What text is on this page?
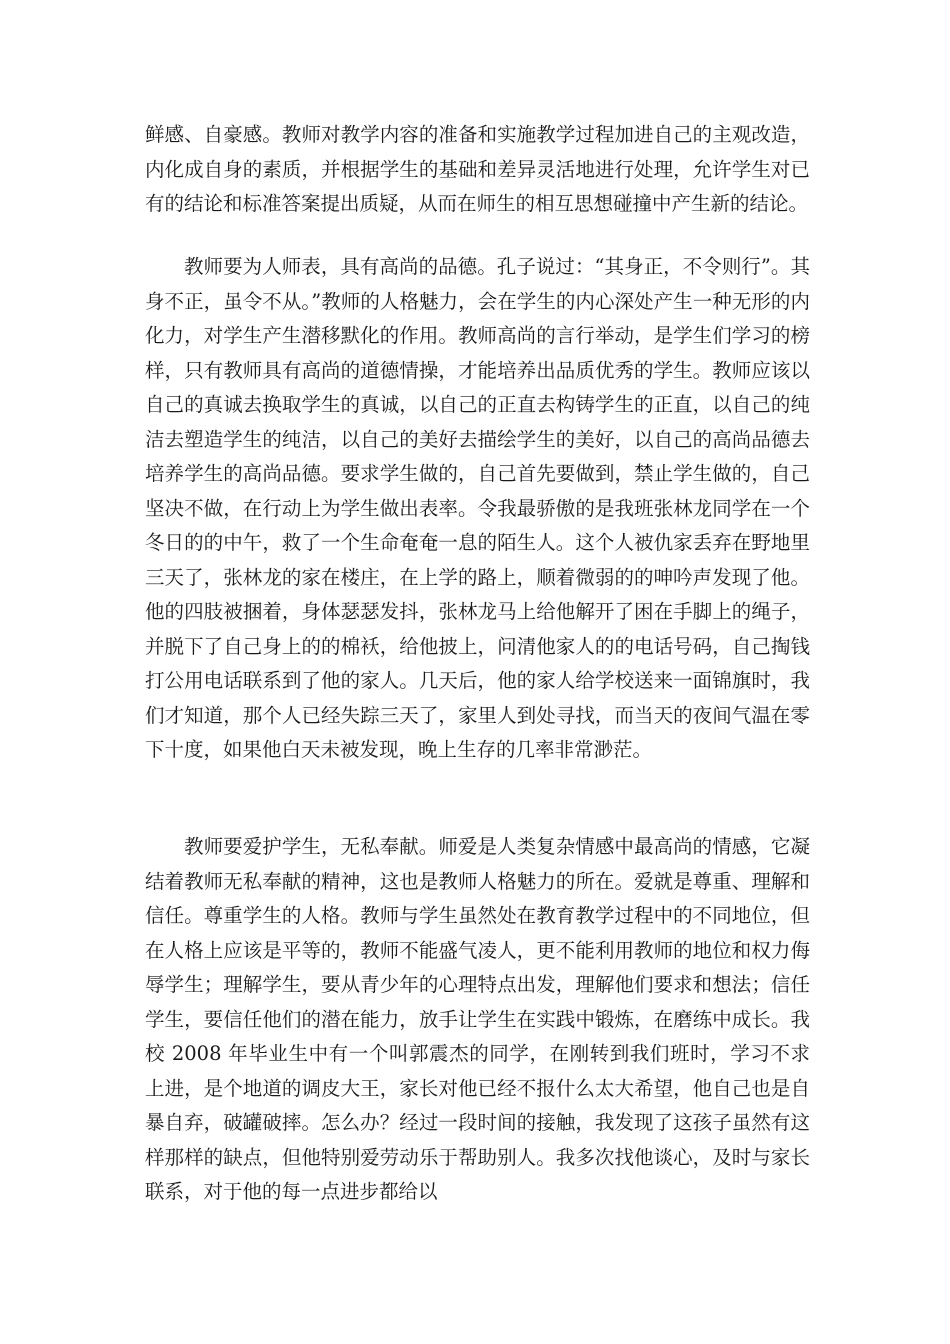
鲜感、自豪感。教师对教学内容的准备和实施教学过程加进自己的主观改造，内化成自身的素质，并根据学生的基础和差异灵活地进行处理，允许学生对已有的结论和标准答案提出质疑，从而在师生的相互思想碰撞中产生新的结论。

教师要为人师表，具有高尚的品德。孔子说过：“其身正，不令则行”。其身不正，虽令不从。”教师的人格魅力，会在学生的内心深处产生一种无形的内化力，对学生产生潜移默化的作用。教师高尚的言行举动，是学生们学习的榜样，只有教师具有高尚的道德情操，才能培养出品质优秀的学生。教师应该以自己的真诚去换取学生的真诚，以自己的正直去构铸学生的正直，以自己的纯洁去塑造学生的纯洁，以自己的美好去描绘学生的美好，以自己的高尚品德去培养学生的高尚品德。要求学生做的，自己首先要做到，禁止学生做的，自己坚决不做，在行动上为学生做出表率。令我最骄傲的是我班张林龙同学在一个冬日的的中午，救了一个生命奄奄一息的陌生人。这个人被仇家丢弃在野地里三天了，张林龙的家在楼庄，在上学的路上，顺着微弱的的呻吟声发现了他。他的四肢被捆着，身体瑟瑟发抖，张林龙马上给他解开了困在手脚上的绳子，并脱下了自己身上的的棉袄，给他披上，问清他家人的的电话号码，自己掏钱打公用电话联系到了他的家人。几天后，他的家人给学校送来一面锦旗时，我们才知道，那个人已经失踪三天了，家里人到处寻找，而当天的夜间气温在零下十度，如果他白天未被发现，晚上生存的几率非常渺茫。

教师要爱护学生，无私奉献。师爱是人类复杂情感中最高尚的情感，它凝结着教师无私奉献的精神，这也是教师人格魅力的所在。爱就是尊重、理解和信任。尊重学生的人格。教师与学生虽然处在教育教学过程中的不同地位，但在人格上应该是平等的，教师不能盛气凌人，更不能利用教师的地位和权力侮辱学生；理解学生，要从青少年的心理特点出发，理解他们要求和想法；信任学生，要信任他们的潜在能力，放手让学生在实践中锻炼，在磨练中成长。我校 2008 年毕业生中有一个叫郭震杰的同学，在刚转到我们班时，学习不求上进，是个地道的调皮大王，家长对他已经不报什么太大希望，他自己也是自暴自弃，破罐破摔。怎么办？经过一段时间的接触，我发现了这孩子虽然有这样那样的缺点，但他特别爱劳动乐于帮助别人。我多次找他谈心，及时与家长联系，对于他的每一点进步都给以
